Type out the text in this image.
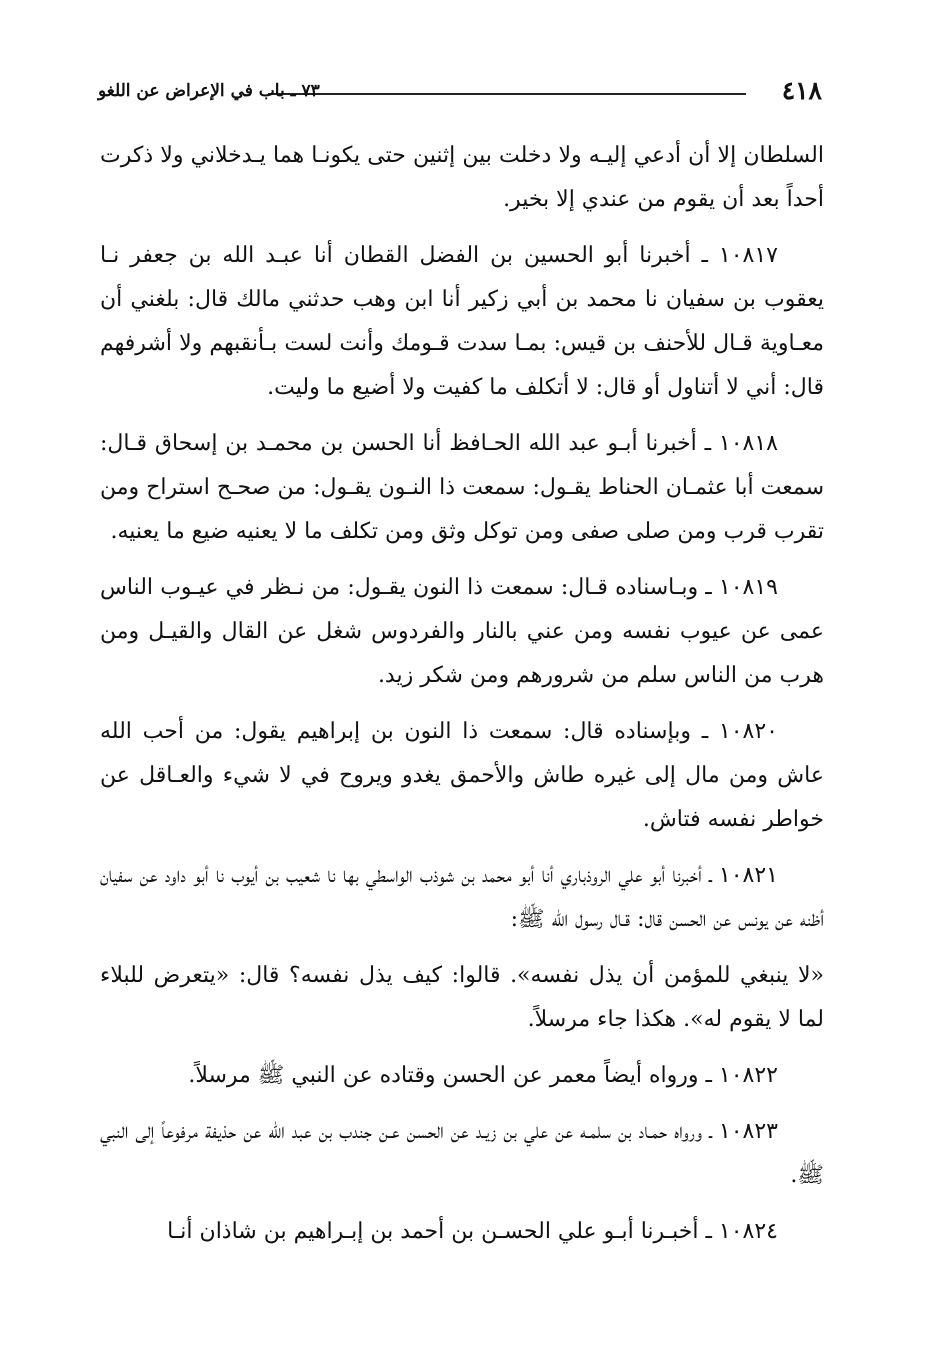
٤١٨
٧٣ ـ باب في الإعراض عن اللغو

السلطان إلا أن أدعي إليـه ولا دخلت بين إثنين حتى يكونـا هما يـدخلاني ولا ذكرت أحداً بعد أن يقوم من عندي إلا بخير.

١٠٨١٧ ـ أخبرنا أبو الحسين بن الفضل القطان أنا عبـد الله بن جعفر نـا يعقوب بن سفيان نا محمد بن أبي زكير أنا ابن وهب حدثني مالك قال: بلغني أن معـاوية قـال للأحنف بن قيس: بمـا سدت قـومك وأنت لست بـأنقبهم ولا أشرفهم قال: أني لا أتناول أو قال: لا أتكلف ما كفيت ولا أضيع ما وليت.

١٠٨١٨ ـ أخبرنا أبـو عبد الله الحـافظ أنا الحسن بن محمـد بن إسحاق قـال: سمعت أبا عثمـان الحناط يقـول: سمعت ذا النـون يقـول: من صحـح استراح ومن تقرب قرب ومن صلى صفى ومن توكل وثق ومن تكلف ما لا يعنيه ضيع ما يعنيه.

١٠٨١٩ ـ وبـاسناده قـال: سمعت ذا النون يقـول: من نـظر في عيـوب الناس عمى عن عيوب نفسه ومن عني بالنار والفردوس شغل عن القال والقيـل ومن هرب من الناس سلم من شرورهم ومن شكر زيد.

١٠٨٢٠ ـ وبإسناده قال: سمعت ذا النون بن إبراهيم يقول: من أحب الله عاش ومن مال إلى غيره طاش والأحمق يغدو ويروح في لا شيء والعـاقل عن خواطر نفسه فتاش.

١٠٨٢١ ـ أخبرنا أبو علي الروذباري أنا أبو محمد بن شوذب الواسطي بها نا شعيب بن أيوب نا أبو داود عن سفيان أظنه عن يونس عن الحسن قال: قـال رسول الله ﷺ:

«لا ينبغي للمؤمن أن يذل نفسه». قالوا: كيف يذل نفسه؟ قال: «يتعرض للبلاء لما لا يقوم له». هكذا جاء مرسلاً.

١٠٨٢٢ ـ ورواه أيضاً معمر عن الحسن وقتاده عن النبي ﷺ مرسلاً.

١٠٨٢٣ ـ ورواه حمـاد بن سلمـه عن علي بن زيـد عن الحسن عـن جندب بن عبد الله عن حذيفة مرفوعاً إلى النبي ﷺ.

١٠٨٢٤ ـ أخبـرنا أبـو علي الحسـن بن أحمد بن إبـراهيم بن شاذان أنـا
